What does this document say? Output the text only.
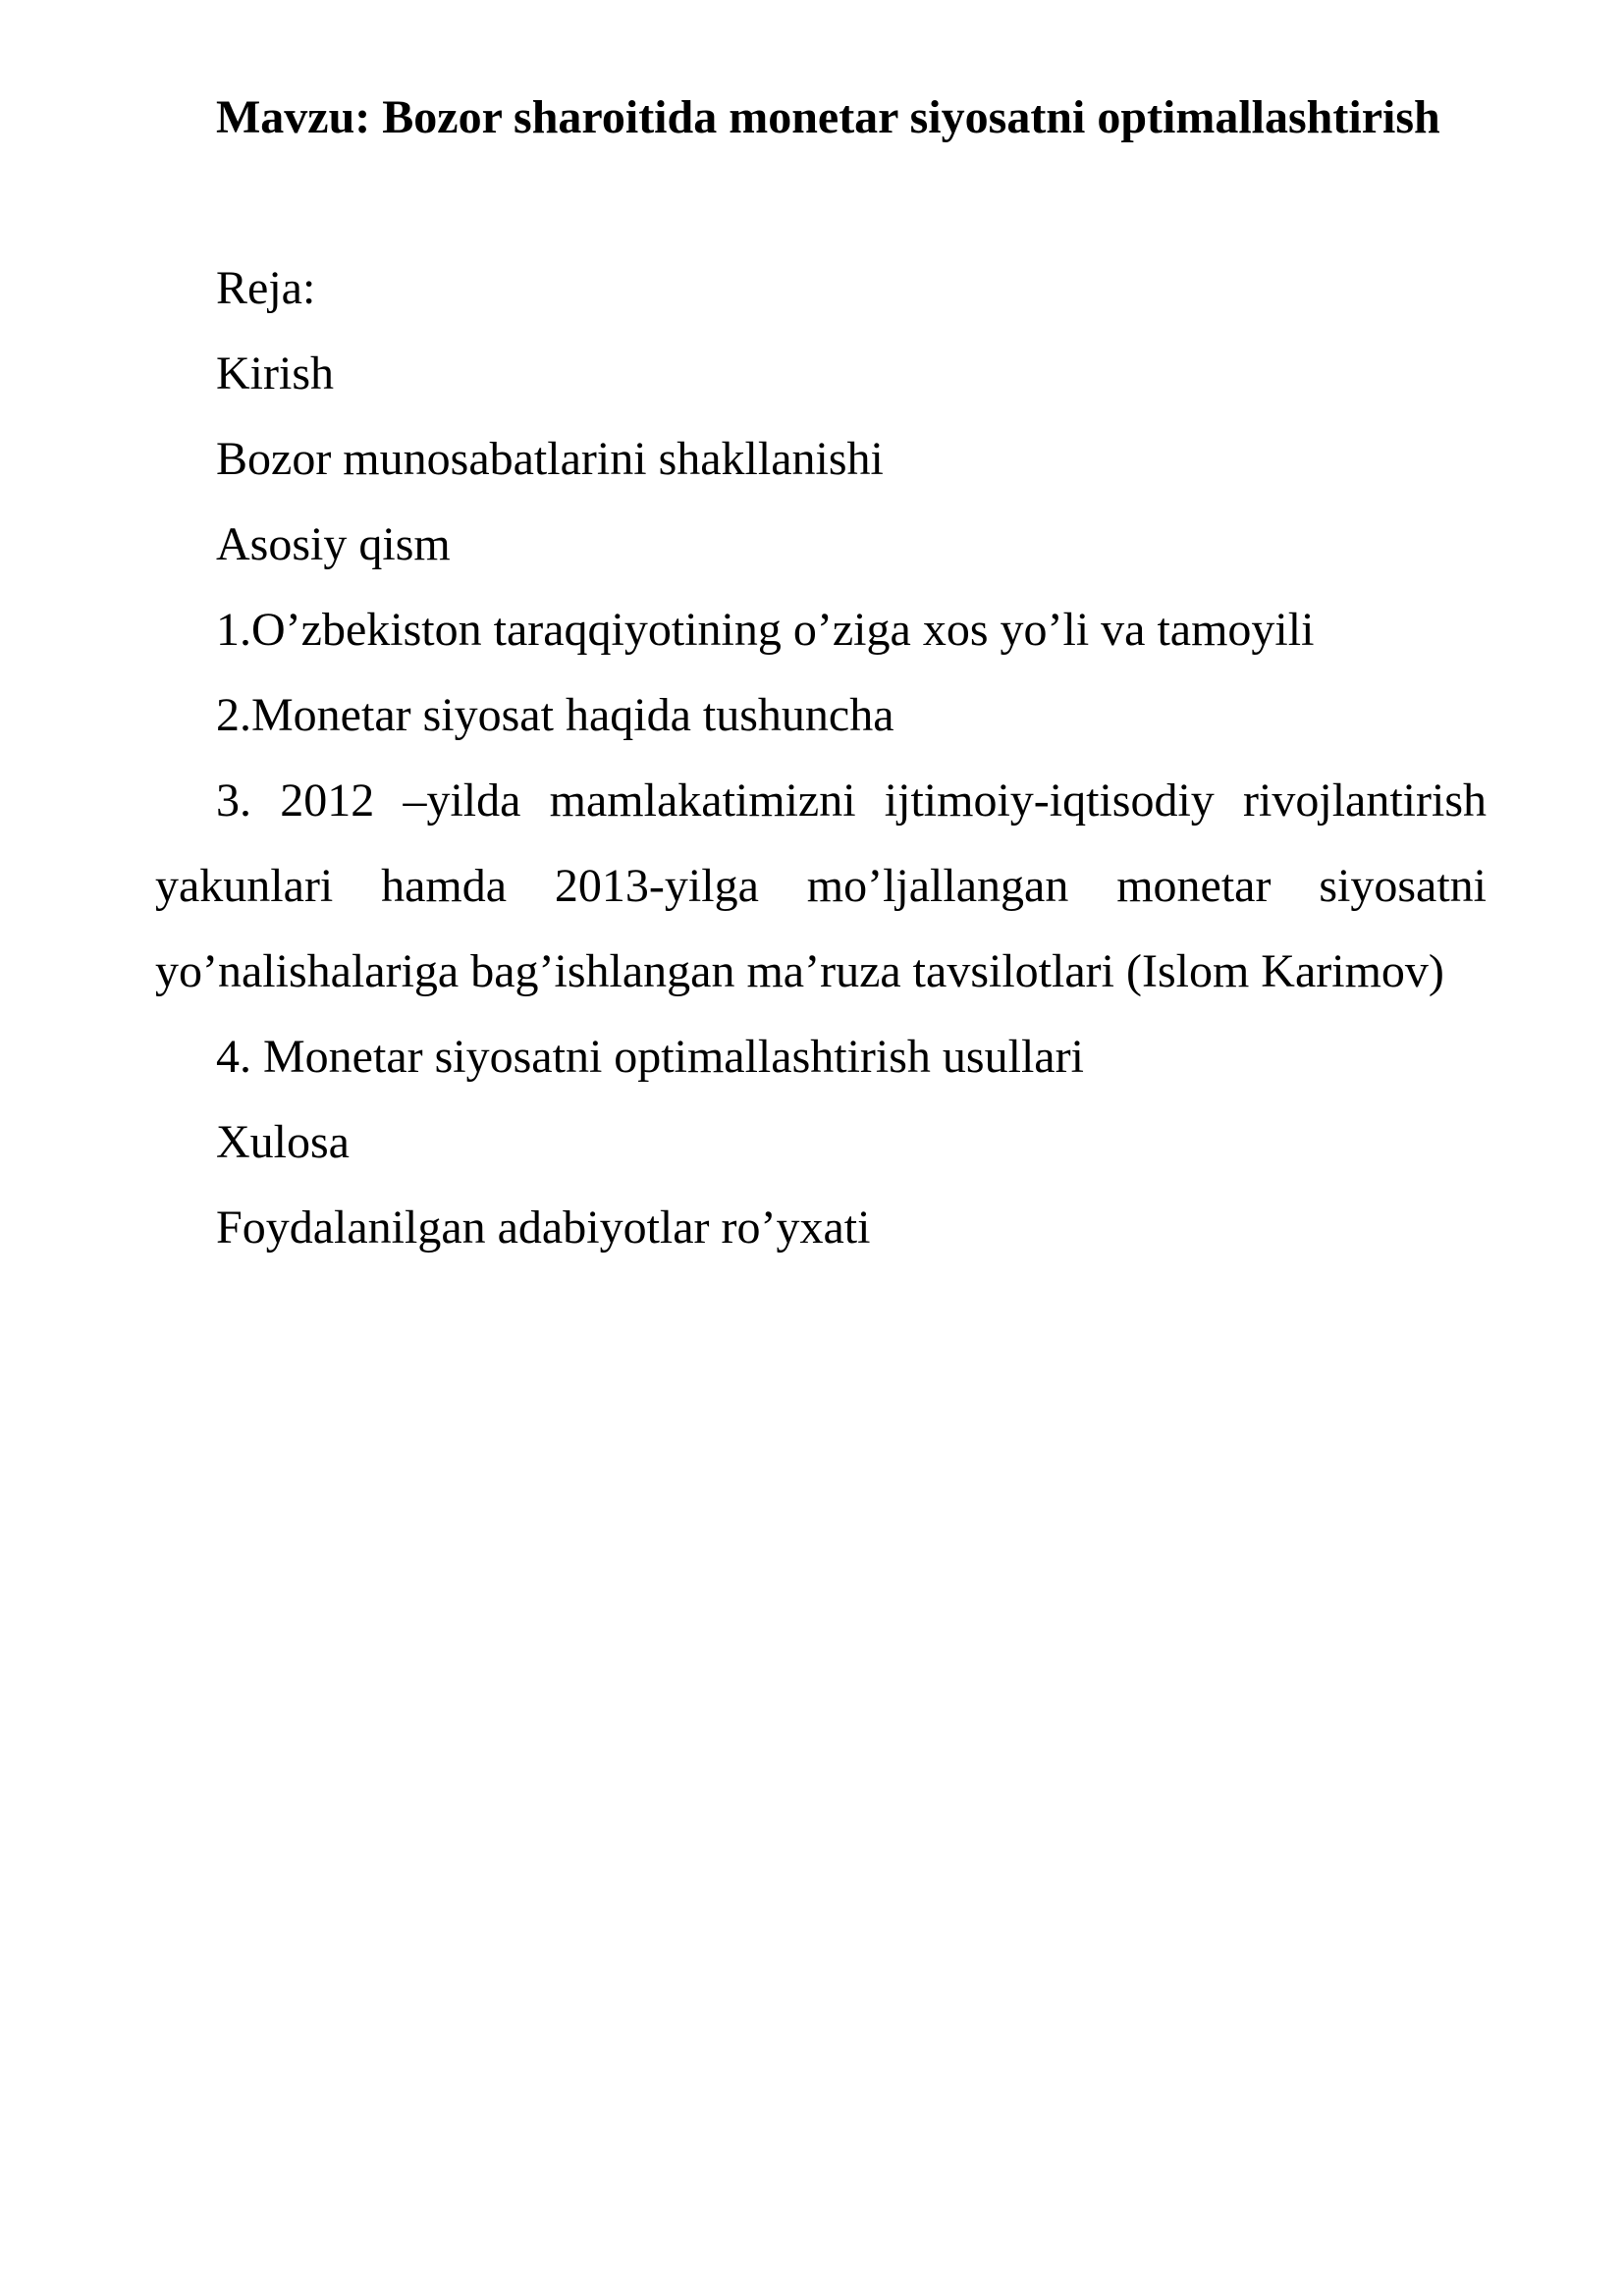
Mavzu: Bozor sharoitida monetar siyosatni optimallashtirish

Reja:

Kirish

Bozor munosabatlarini shakllanishi

Asosiy qism

1.O’zbekiston taraqqiyotining o’ziga xos yo’li va tamoyili

2.Monetar siyosat haqida tushuncha

3. 2012 –yilda mamlakatimizni ijtimoiy-iqtisodiy rivojlantirish yakunlari hamda 2013-yilga mo’ljallangan monetar siyosatni yo’nalishalariga bag’ishlangan ma’ruza tavsilotlari (Islom Karimov)

4. Monetar siyosatni optimallashtirish usullari

Xulosa

Foydalanilgan adabiyotlar ro’yxati
